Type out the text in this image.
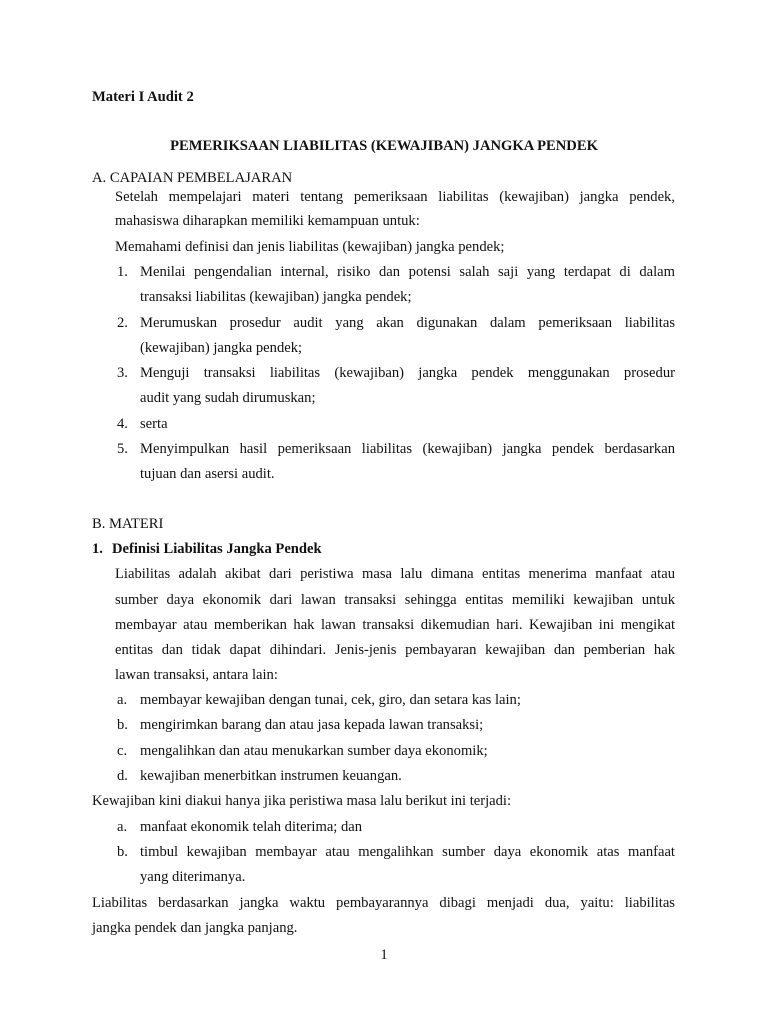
Materi I Audit 2
PEMERIKSAAN LIABILITAS (KEWAJIBAN) JANGKA PENDEK
A. CAPAIAN PEMBELAJARAN
Setelah mempelajari materi tentang pemeriksaan liabilitas (kewajiban) jangka pendek,
mahasiswa diharapkan memiliki kemampuan untuk:
Memahami definisi dan jenis liabilitas (kewajiban) jangka pendek;
1. Menilai pengendalian internal, risiko dan potensi salah saji yang terdapat di dalam
transaksi liabilitas (kewajiban) jangka pendek;
2. Merumuskan prosedur audit yang akan digunakan dalam pemeriksaan liabilitas
(kewajiban) jangka pendek;
3. Menguji transaksi liabilitas (kewajiban) jangka pendek menggunakan prosedur
audit yang sudah dirumuskan;
4. serta
5. Menyimpulkan hasil pemeriksaan liabilitas (kewajiban) jangka pendek berdasarkan
tujuan dan asersi audit.
B. MATERI
1. Definisi Liabilitas Jangka Pendek
Liabilitas adalah akibat dari peristiwa masa lalu dimana entitas menerima manfaat atau
sumber daya ekonomik dari lawan transaksi sehingga entitas memiliki kewajiban untuk
membayar atau memberikan hak lawan transaksi dikemudian hari. Kewajiban ini mengikat
entitas dan tidak dapat dihindari. Jenis-jenis pembayaran kewajiban dan pemberian hak
lawan transaksi, antara lain:
a. membayar kewajiban dengan tunai, cek, giro, dan setara kas lain;
b. mengirimkan barang dan atau jasa kepada lawan transaksi;
c. mengalihkan dan atau menukarkan sumber daya ekonomik;
d. kewajiban menerbitkan instrumen keuangan.
Kewajiban kini diakui hanya jika peristiwa masa lalu berikut ini terjadi:
a. manfaat ekonomik telah diterima; dan
b. timbul kewajiban membayar atau mengalihkan sumber daya ekonomik atas manfaat
yang diterimanya.
Liabilitas berdasarkan jangka waktu pembayarannya dibagi menjadi dua, yaitu: liabilitas
jangka pendek dan jangka panjang.
1
